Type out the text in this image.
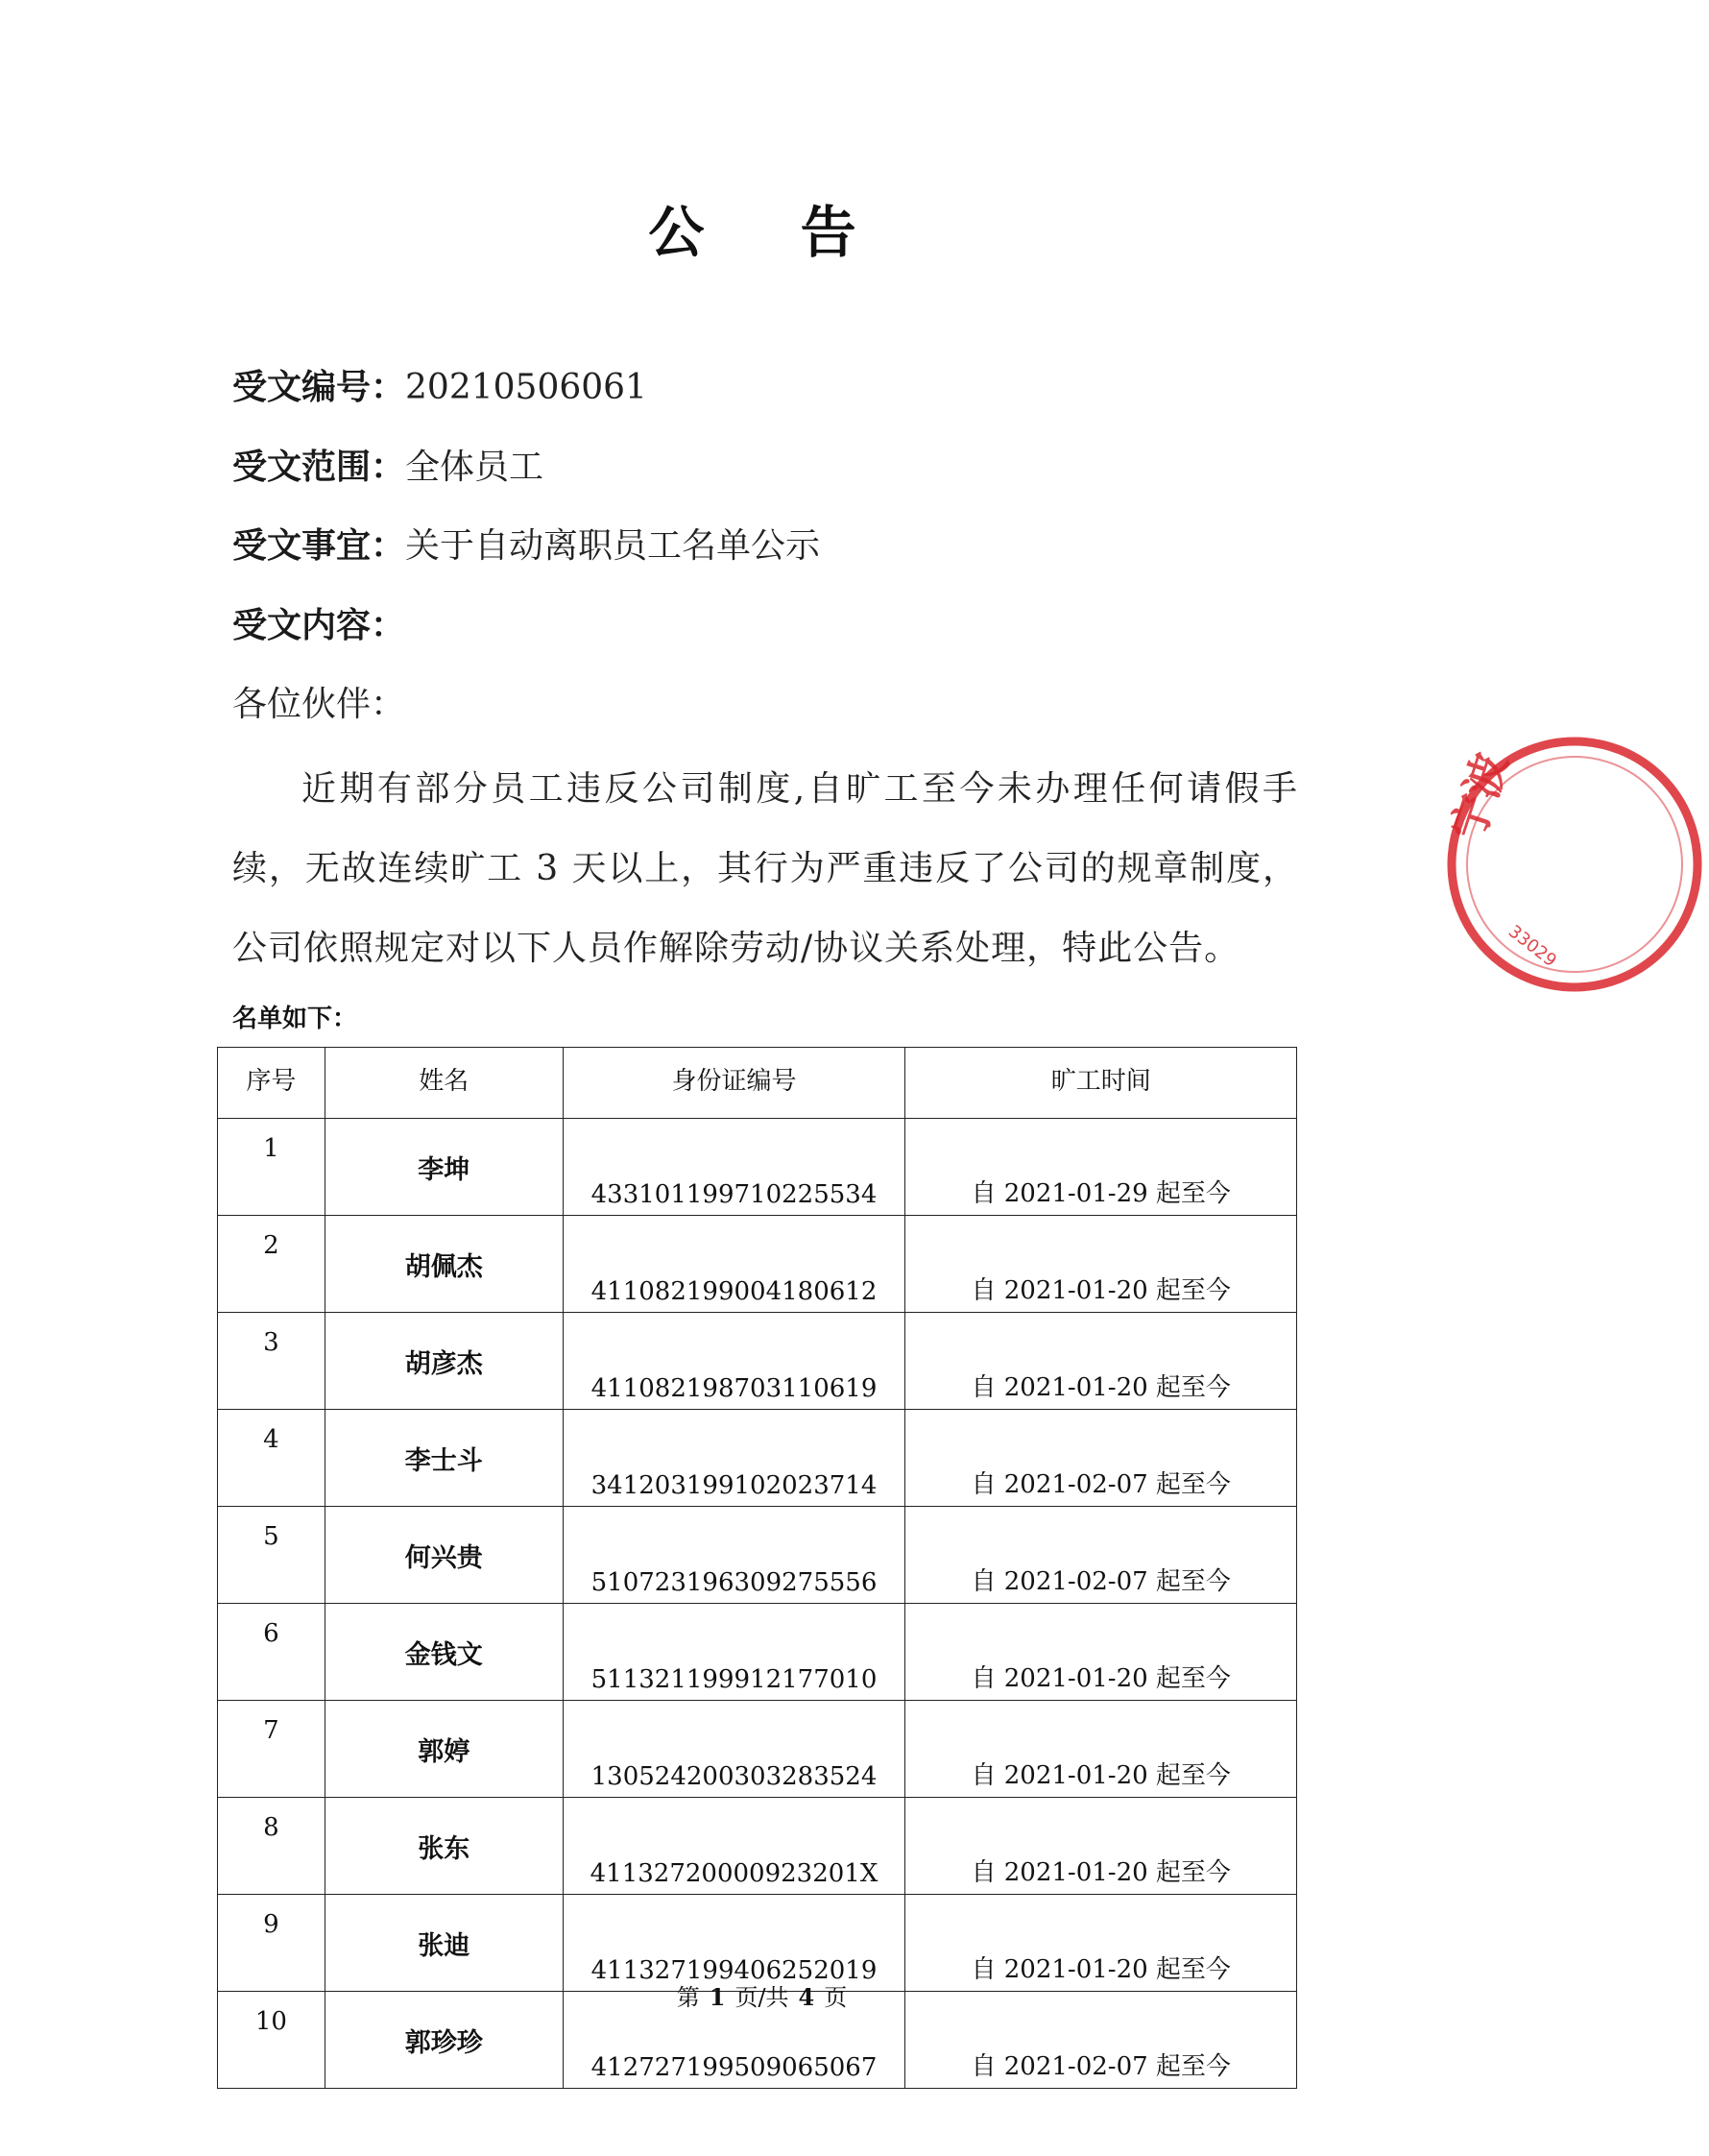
公 告
受文编号：20210506061
受文范围：全体员工
受文事宜：关于自动离职员工名单公示
受文内容：
各位伙伴：
近期有部分员工违反公司制度,自旷工至今未办理任何请假手续，无故连续旷工 3 天以上，其行为严重违反了公司的规章制度，公司依照规定对以下人员作解除劳动/协议关系处理，特此公告。
名单如下：
序号	姓名	身份证编号	旷工时间
1	李坤	433101199710225534	自 2021-01-29 起至今
2	胡佩杰	411082199004180612	自 2021-01-20 起至今
3	胡彦杰	411082198703110619	自 2021-01-20 起至今
4	李士斗	341203199102023714	自 2021-02-07 起至今
5	何兴贵	510723196309275556	自 2021-02-07 起至今
6	金钱文	511321199912177010	自 2021-01-20 起至今
7	郭婷	130524200303283524	自 2021-01-20 起至今
8	张东	41132720000923201X	自 2021-01-20 起至今
9	张迪	411327199406252019	自 2021-01-20 起至今
10	郭珍珍	412727199509065067	自 2021-02-07 起至今
第 1 页/共 4 页
宁波
33029
